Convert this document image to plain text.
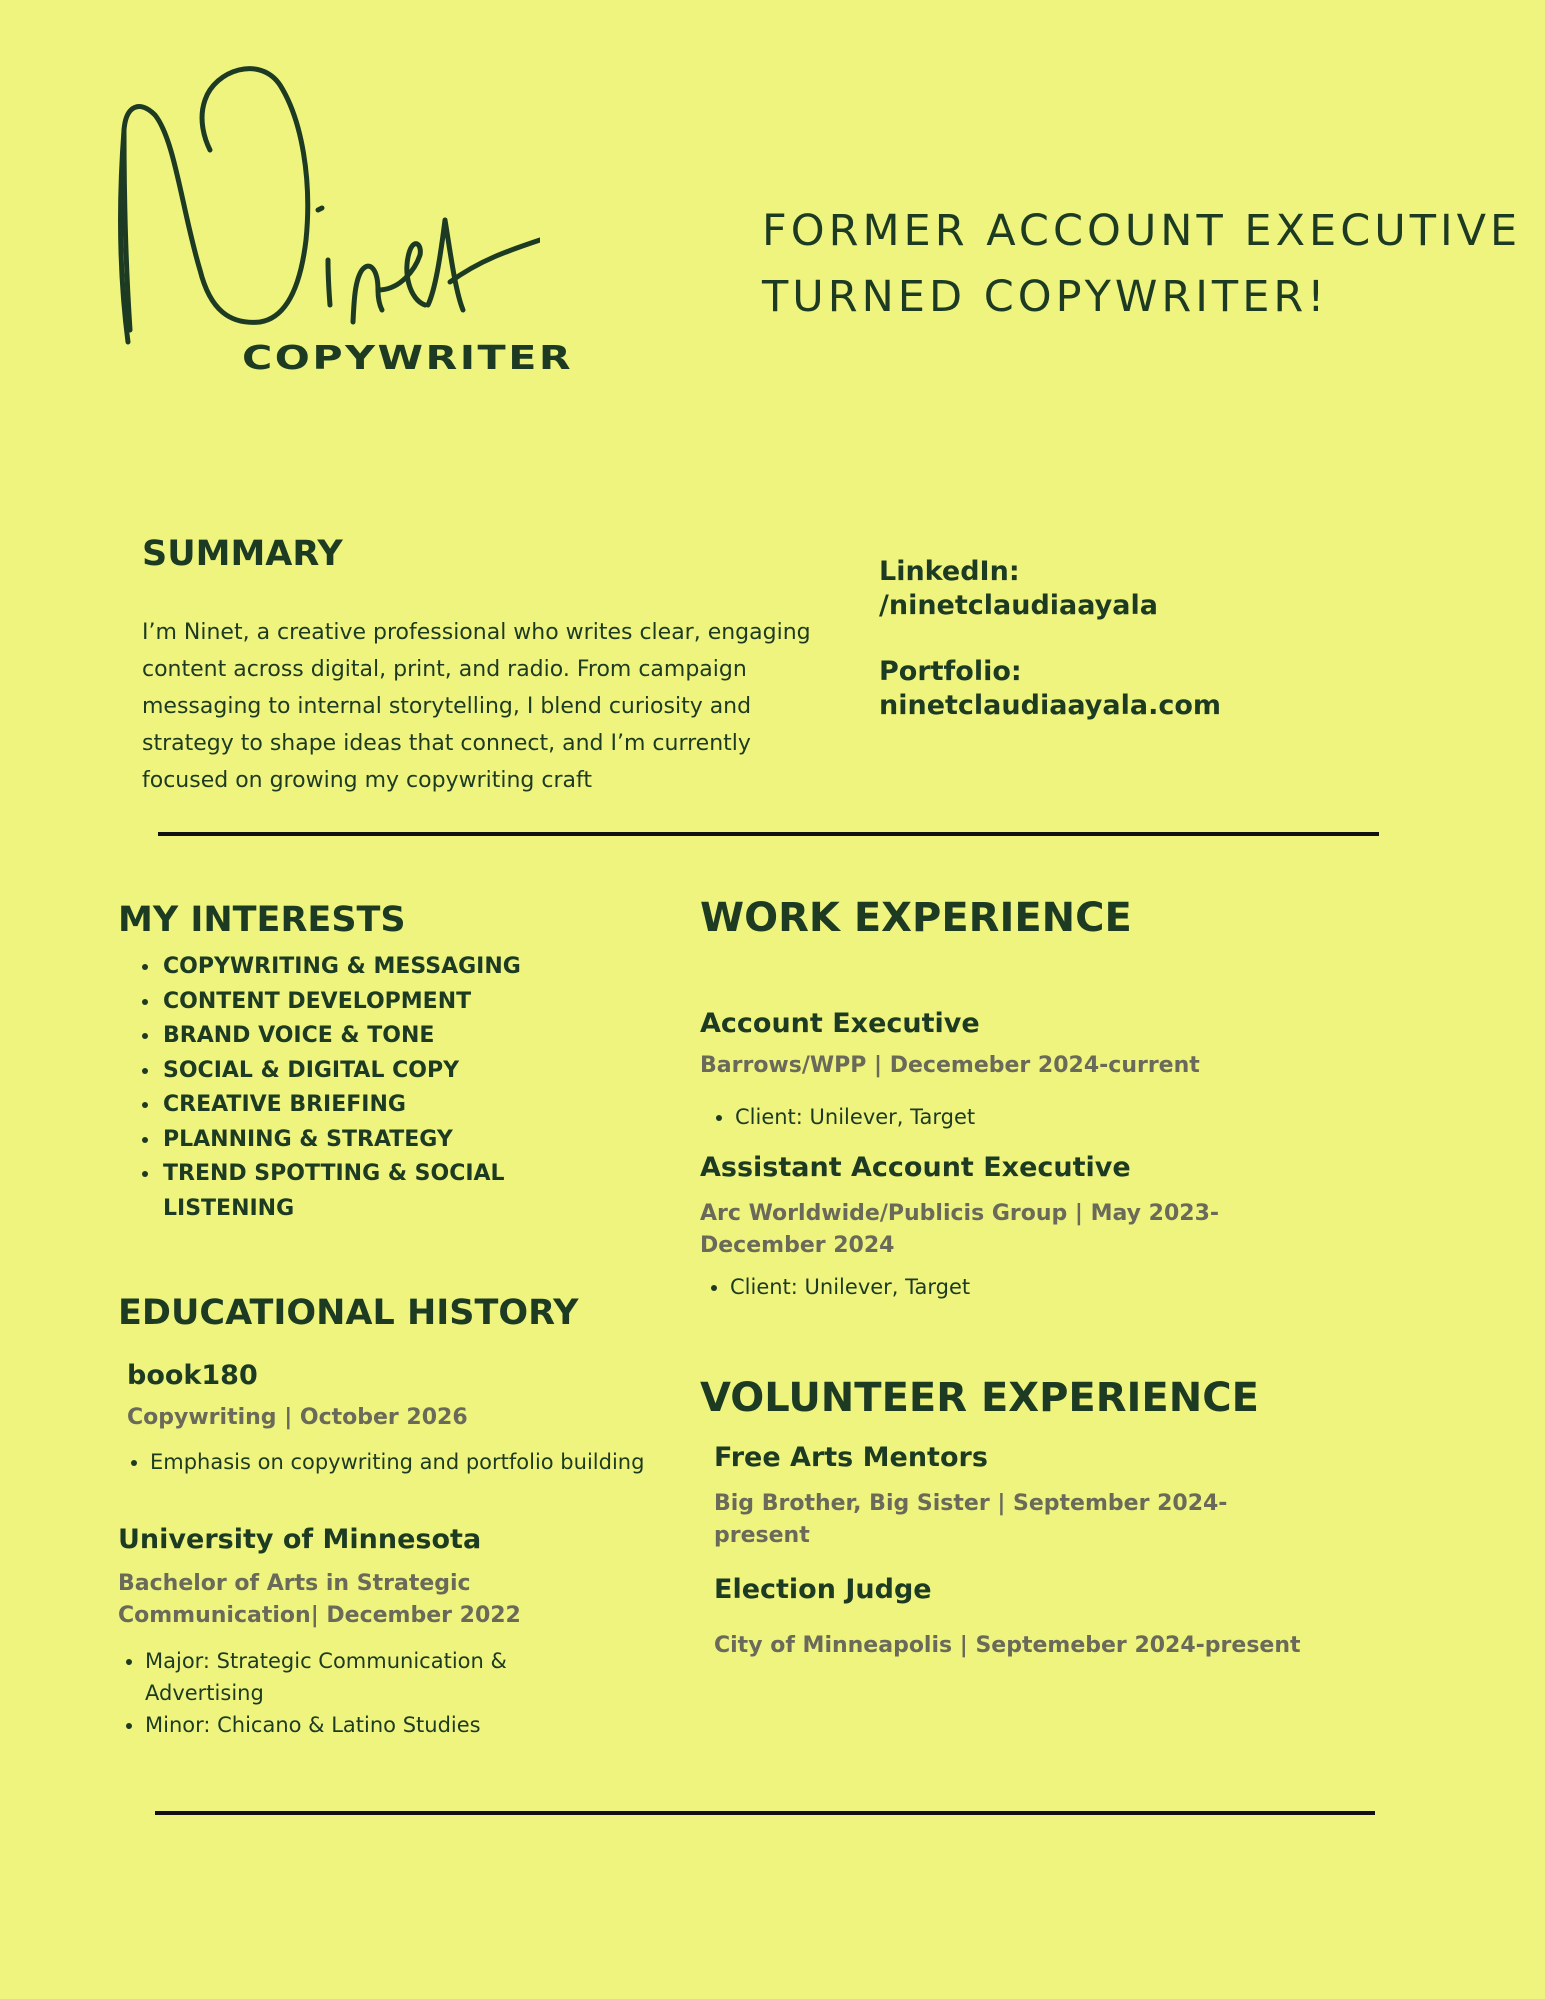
COPYWRITER
FORMER ACCOUNT EXECUTIVE
TURNED COPYWRITER!
SUMMARY
I’m Ninet, a creative professional who writes clear, engaging content across digital, print, and radio. From campaign messaging to internal storytelling, I blend curiosity and strategy to shape ideas that connect, and I’m currently focused on growing my copywriting craft
LinkedIn:
/ninetclaudiaayala
Portfolio:
ninetclaudiaayala.com
MY INTERESTS
• COPYWRITING & MESSAGING
• CONTENT DEVELOPMENT
• BRAND VOICE & TONE
• SOCIAL & DIGITAL COPY
• CREATIVE BRIEFING
• PLANNING & STRATEGY
• TREND SPOTTING & SOCIAL LISTENING
EDUCATIONAL HISTORY
book180
Copywriting | October 2026
• Emphasis on copywriting and portfolio building
University of Minnesota
Bachelor of Arts in Strategic Communication| December 2022
• Major: Strategic Communication & Advertising
• Minor: Chicano & Latino Studies
WORK EXPERIENCE
Account Executive
Barrows/WPP | Decemeber 2024-current
• Client: Unilever, Target
Assistant Account Executive
Arc Worldwide/Publicis Group | May 2023-December 2024
• Client: Unilever, Target
VOLUNTEER EXPERIENCE
Free Arts Mentors
Big Brother, Big Sister | September 2024-present
Election Judge
City of Minneapolis | Septemeber 2024-present
